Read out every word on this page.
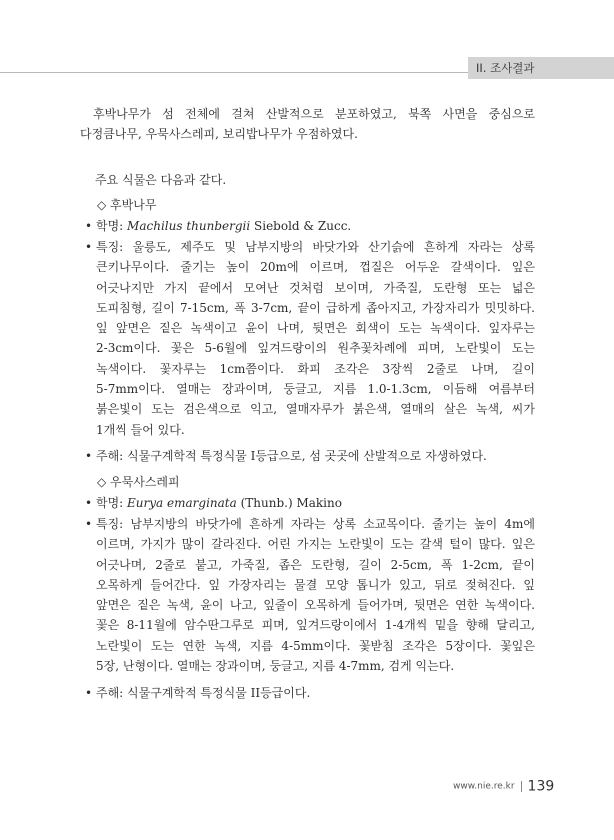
II. 조사결과
후박나무가 섬 전체에 걸쳐 산발적으로 분포하였고, 북쪽 사면을 중심으로
다정큼나무, 우묵사스레피, 보리밥나무가 우점하였다.
주요 식물은 다음과 같다.
◇ 후박나무
• 학명: Machilus thunbergii Siebold & Zucc.
• 특징: 울릉도, 제주도 및 남부지방의 바닷가와 산기슭에 흔하게 자라는 상록
큰키나무이다. 줄기는 높이 20m에 이르며, 껍질은 어두운 갈색이다. 잎은
어긋나지만 가지 끝에서 모여난 것처럼 보이며, 가죽질, 도란형 또는 넓은
도피침형, 길이 7-15cm, 폭 3-7cm, 끝이 급하게 좁아지고, 가장자리가 밋밋하다.
잎 앞면은 짙은 녹색이고 윤이 나며, 뒷면은 회색이 도는 녹색이다. 잎자루는
2-3cm이다. 꽃은 5-6월에 잎겨드랑이의 원추꽃차례에 피며, 노란빛이 도는
녹색이다. 꽃자루는 1cm쯤이다. 화피 조각은 3장씩 2줄로 나며, 길이
5-7mm이다. 열매는 장과이며, 둥글고, 지름 1.0-1.3cm, 이듬해 여름부터
붉은빛이 도는 검은색으로 익고, 열매자루가 붉은색, 열매의 살은 녹색, 씨가
1개씩 들어 있다.
• 주해: 식물구계학적 특정식물 I등급으로, 섬 곳곳에 산발적으로 자생하였다.
◇ 우묵사스레피
• 학명: Eurya emarginata (Thunb.) Makino
• 특징: 남부지방의 바닷가에 흔하게 자라는 상록 소교목이다. 줄기는 높이 4m에
이르며, 가지가 많이 갈라진다. 어린 가지는 노란빛이 도는 갈색 털이 많다. 잎은
어긋나며, 2줄로 붙고, 가죽질, 좁은 도란형, 길이 2-5cm, 폭 1-2cm, 끝이
오목하게 들어간다. 잎 가장자리는 물결 모양 톱니가 있고, 뒤로 젖혀진다. 잎
앞면은 짙은 녹색, 윤이 나고, 잎줄이 오목하게 들어가며, 뒷면은 연한 녹색이다.
꽃은 8-11월에 암수딴그루로 피며, 잎겨드랑이에서 1-4개씩 밑을 향해 달리고,
노란빛이 도는 연한 녹색, 지름 4-5mm이다. 꽃받침 조각은 5장이다. 꽃잎은
5장, 난형이다. 열매는 장과이며, 둥글고, 지름 4-7mm, 검게 익는다.
• 주해: 식물구계학적 특정식물 II등급이다.
www.nie.re.kr 139
